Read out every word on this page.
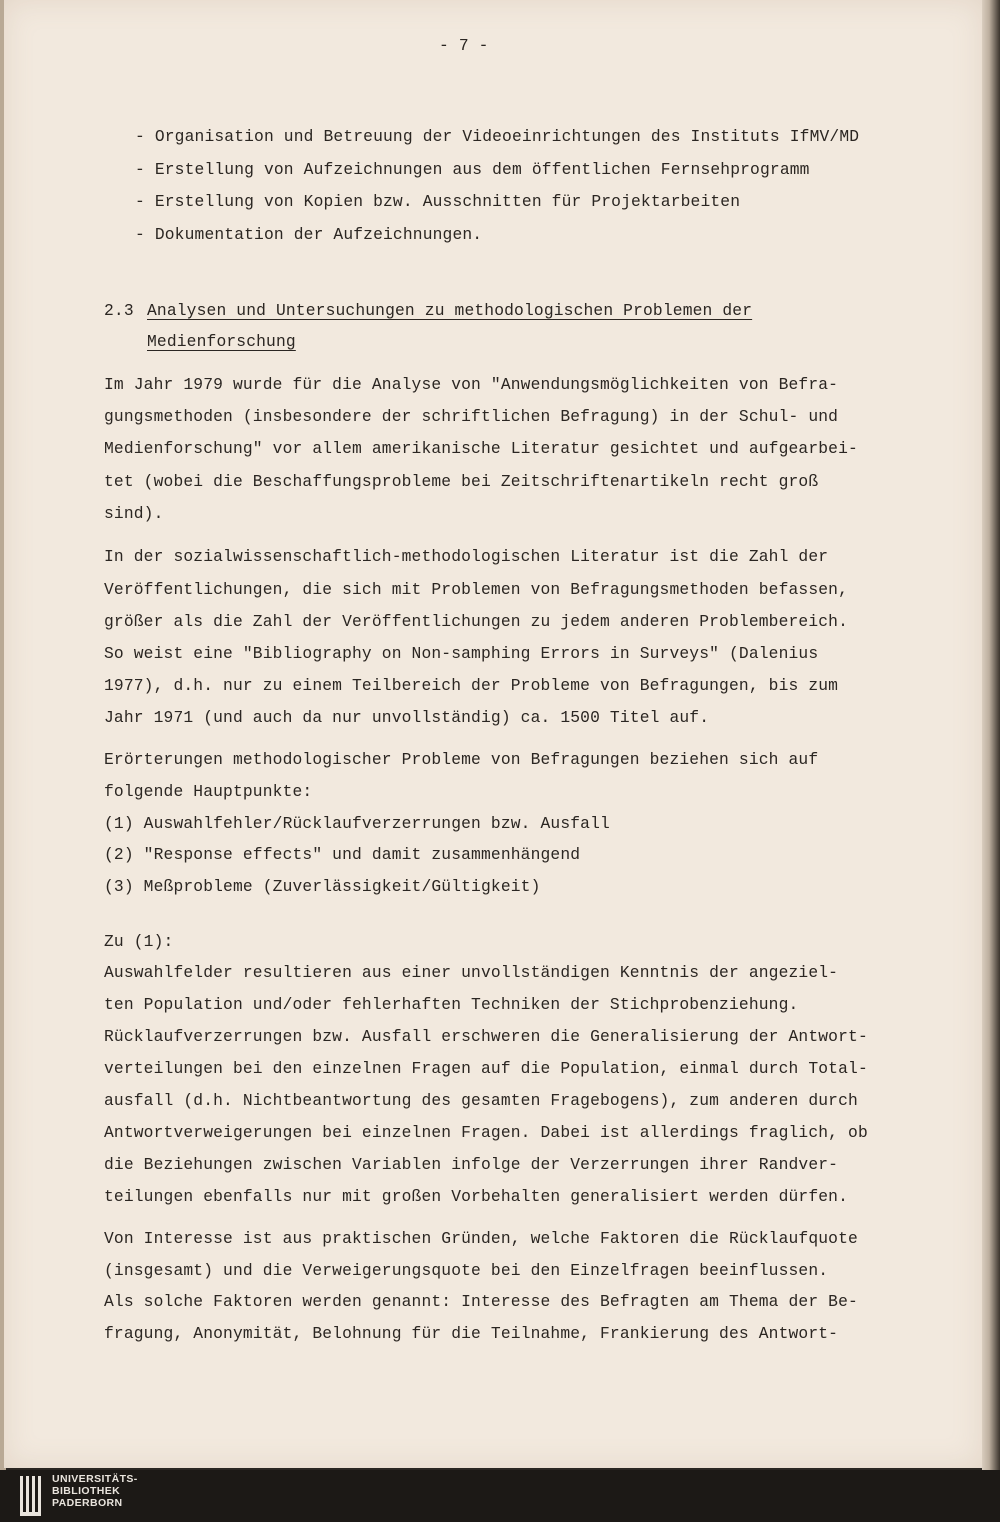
- 7 -
- Organisation und Betreuung der Videoeinrichtungen des Instituts IfMV/MD
- Erstellung von Aufzeichnungen aus dem öffentlichen Fernsehprogramm
- Erstellung von Kopien bzw. Ausschnitten für Projektarbeiten
- Dokumentation der Aufzeichnungen.
2.3 Analysen und Untersuchungen zu methodologischen Problemen der
Medienforschung
Im Jahr 1979 wurde für die Analyse von "Anwendungsmöglichkeiten von Befra-
gungsmethoden (insbesondere der schriftlichen Befragung) in der Schul- und
Medienforschung" vor allem amerikanische Literatur gesichtet und aufgearbei-
tet (wobei die Beschaffungsprobleme bei Zeitschriftenartikeln recht groß
sind).
In der sozialwissenschaftlich-methodologischen Literatur ist die Zahl der
Veröffentlichungen, die sich mit Problemen von Befragungsmethoden befassen,
größer als die Zahl der Veröffentlichungen zu jedem anderen Problembereich.
So weist eine "Bibliography on Non-samphing Errors in Surveys" (Dalenius
1977), d.h. nur zu einem Teilbereich der Probleme von Befragungen, bis zum
Jahr 1971 (und auch da nur unvollständig) ca. 1500 Titel auf.
Erörterungen methodologischer Probleme von Befragungen beziehen sich auf
folgende Hauptpunkte:
(1) Auswahlfehler/Rücklaufverzerrungen bzw. Ausfall
(2) "Response effects" und damit zusammenhängend
(3) Meßprobleme (Zuverlässigkeit/Gültigkeit)
Zu (1):
Auswahlfelder resultieren aus einer unvollständigen Kenntnis der angeziel-
ten Population und/oder fehlerhaften Techniken der Stichprobenziehung.
Rücklaufverzerrungen bzw. Ausfall erschweren die Generalisierung der Antwort-
verteilungen bei den einzelnen Fragen auf die Population, einmal durch Total-
ausfall (d.h. Nichtbeantwortung des gesamten Fragebogens), zum anderen durch
Antwortverweigerungen bei einzelnen Fragen. Dabei ist allerdings fraglich, ob
die Beziehungen zwischen Variablen infolge der Verzerrungen ihrer Randver-
teilungen ebenfalls nur mit großen Vorbehalten generalisiert werden dürfen.
Von Interesse ist aus praktischen Gründen, welche Faktoren die Rücklaufquote
(insgesamt) und die Verweigerungsquote bei den Einzelfragen beeinflussen.
Als solche Faktoren werden genannt: Interesse des Befragten am Thema der Be-
fragung, Anonymität, Belohnung für die Teilnahme, Frankierung des Antwort-
UNIVERSITÄTS-
BIBLIOTHEK
PADERBORN
